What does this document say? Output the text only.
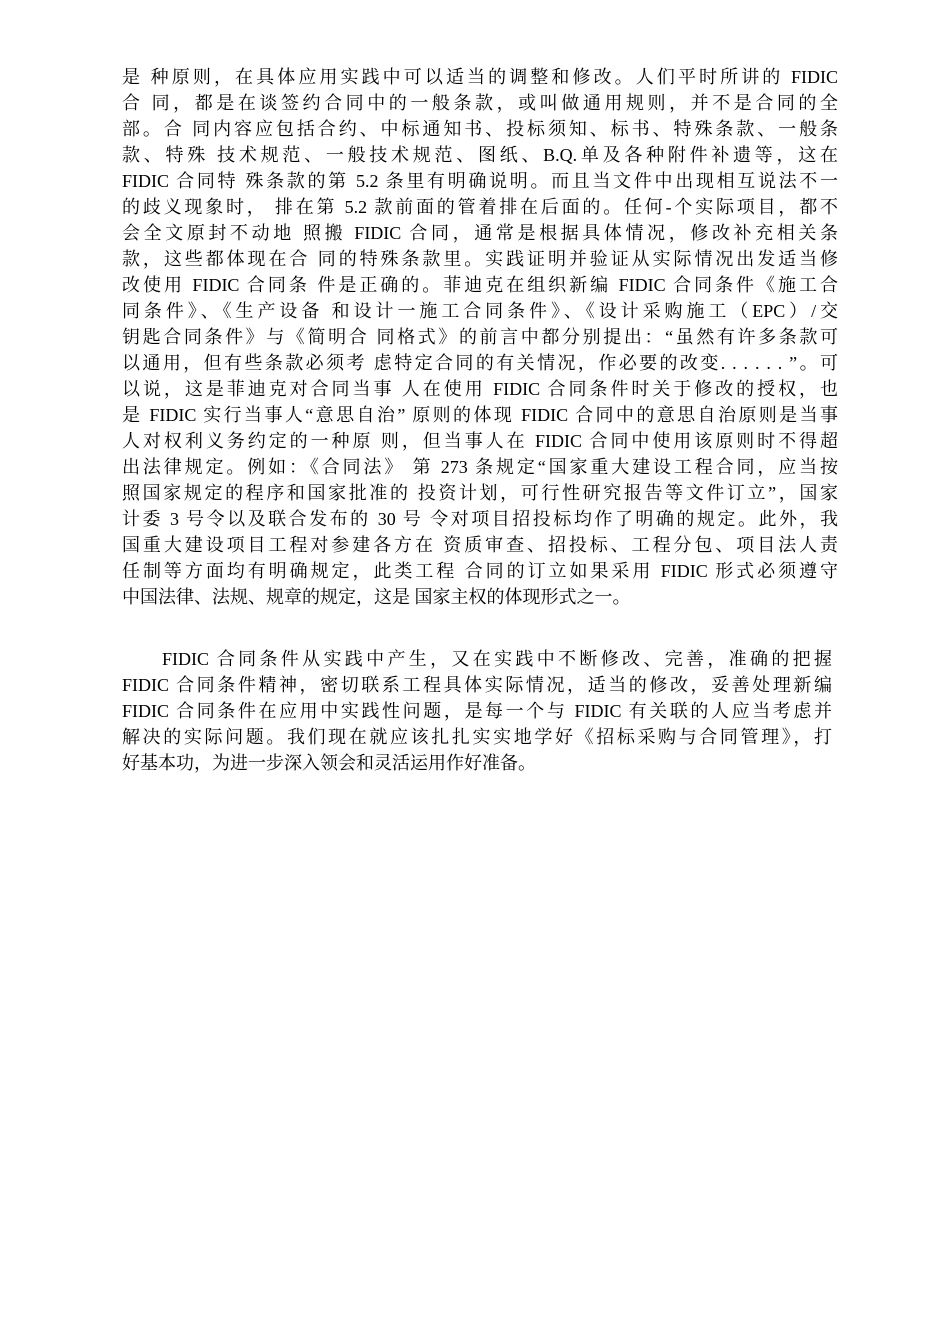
是 种原则，在具体应用实践中可以适当的调整和修改。人们平时所讲的 FIDIC
合 同，都是在谈签约合同中的一般条款，或叫做通用规则，并不是合同的全
部。合 同内容应包括合约、中标通知书、投标须知、标书、特殊条款、一般条
款、特殊 技术规范、一般技术规范、图纸、B.Q.单及各种附件补遗等，这在
FIDIC 合同特 殊条款的第 5.2 条里有明确说明。而且当文件中出现相互说法不一
的歧义现象时， 排在第 5.2 款前面的管着排在后面的。任何-个实际项目，都不
会全文原封不动地 照搬 FIDIC 合同，通常是根据具体情况，修改补充相关条
款，这些都体现在合 同的特殊条款里。实践证明并验证从实际情况出发适当修
改使用 FIDIC 合同条 件是正确的。菲迪克在组织新编 FIDIC 合同条件《施工合
同条件》、《生产设备 和设计一施工合同条件》、《设计采购施工（EPC）/交
钥匙合同条件》与《简明合 同格式》的前言中都分别提出：“虽然有许多条款可
以通用，但有些条款必须考 虑特定合同的有关情况，作必要的改变. . . . . . ”。可
以说，这是菲迪克对合同当事 人在使用 FIDIC 合同条件时关于修改的授权，也
是 FIDIC 实行当事人“意思自治” 原则的体现 FIDIC 合同中的意思自治原则是当事
人对权利义务约定的一种原 则，但当事人在 FIDIC 合同中使用该原则时不得超
出法律规定。例如：《合同法》 第 273 条规定“国家重大建设工程合同，应当按
照国家规定的程序和国家批准的 投资计划，可行性研究报告等文件订立”，国家
计委 3 号令以及联合发布的 30 号 令对项目招投标均作了明确的规定。此外，我
国重大建设项目工程对参建各方在 资质审查、招投标、工程分包、项目法人责
任制等方面均有明确规定，此类工程 合同的订立如果采用 FIDIC 形式必须遵守
中国法律、法规、规章的规定，这是 国家主权的体现形式之一。
FIDIC 合同条件从实践中产生，又在实践中不断修改、完善，准确的把握
FIDIC 合同条件精神，密切联系工程具体实际情况，适当的修改，妥善处理新编
FIDIC 合同条件在应用中实践性问题，是每一个与 FIDIC 有关联的人应当考虑并
解决的实际问题。我们现在就应该扎扎实实地学好《招标采购与合同管理》，打
好基本功，为进一步深入领会和灵活运用作好准备。
